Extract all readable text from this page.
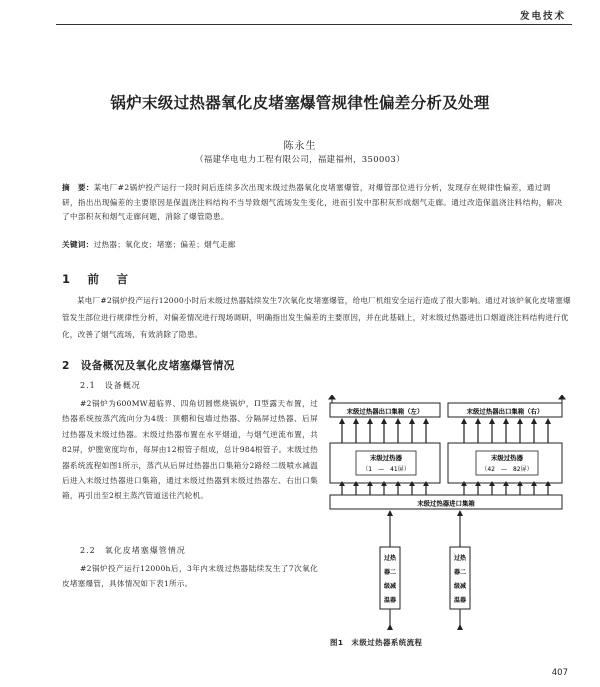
发电技术
锅炉末级过热器氧化皮堵塞爆管规律性偏差分析及处理
陈永生
（福建华电电力工程有限公司，福建福州，350003）
摘　要：某电厂#2锅炉投产运行一段时间后连续多次出现末级过热器氧化皮堵塞爆管，对爆管部位进行分析，发现存在规律性偏差，通过调研，指出出现偏差的主要原因是保温浇注料结构不当导致烟气流场发生变化，进而引发中部积灰形成烟气走廊。通过改造保温浇注料结构，解决了中部积灰和烟气走廊问题，消除了爆管隐患。
关键词：过热器；氧化皮；堵塞；偏差；烟气走廊
1　前　言
某电厂#2锅炉投产运行12000小时后末级过热器陆续发生7次氧化皮堵塞爆管，给电厂机组安全运行造成了很大影响。通过对该炉氧化皮堵塞爆管发生部位进行规律性分析，对偏差情况进行现场调研，明确指出发生偏差的主要原因，并在此基础上，对末级过热器进出口烟道浇注料结构进行优化，改善了烟气流场，有效消除了隐患。
2　设备概况及氧化皮堵塞爆管情况
2.1　设备概况
#2锅炉为600MW超临界、四角切圆燃烧锅炉，Π型露天布置，过热器系统按蒸汽流向分为4级：顶棚和包墙过热器、分隔屏过热器、后屏过热器及末级过热器。末级过热器布置在水平烟道，与烟气逆流布置，共82屏，炉膛宽度均布，每屏由12根管子组成，总计984根管子。末级过热器系统流程如图1所示，蒸汽从后屏过热器出口集箱分2路经二级喷水减温后进入末级过热器进口集箱，通过末级过热器到末级过热器左、右出口集箱，再引出至2根主蒸汽管道送往汽轮机。
2.2　氧化皮堵塞爆管情况
#2锅炉投产运行12000h后，3年内末级过热器陆续发生了7次氧化皮堵塞爆管，具体情况如下表1所示。
末级过热器出口集箱（左）	末级过热器出口集箱（右）
末级过热器
（1　—　41屏）
末级过热器
（42　—　82屏）
末级过热器进口集箱
过热
器二
级减
温器
过热
器二
级减
温器
图1　末级过热器系统流程
407
